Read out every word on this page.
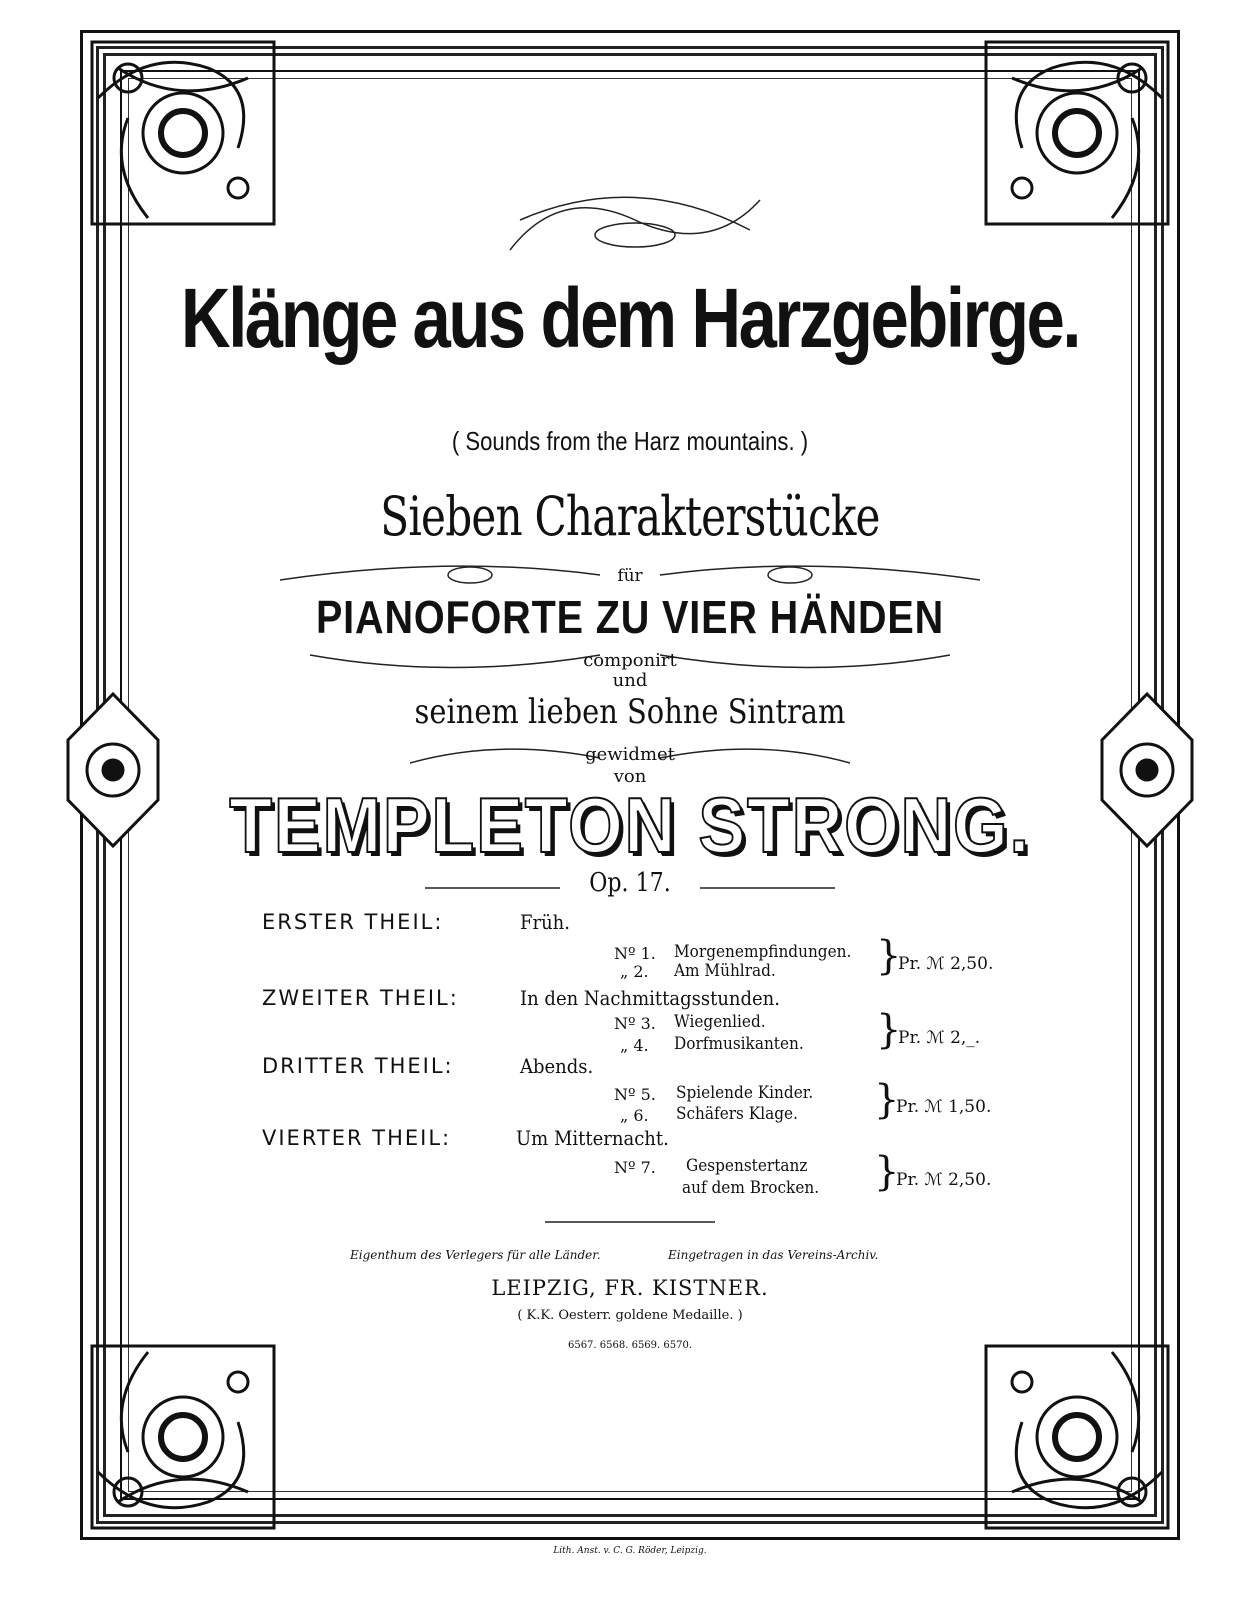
Klänge aus dem Harzgebirge.
( Sounds from the Harz mountains. )
Sieben Charakterstücke
für
PIANOFORTE ZU VIER HÄNDEN
componirt
und
seinem lieben Sohne Sintram
gewidmet
von
TEMPLETON STRONG.
Op. 17.
ERSTER THEIL:	Früh.
Nº 1. Morgenempfindungen.
„ 2. Am Mühlrad.	}
Pr. ℳ 2,50.
ZWEITER THEIL:	In den Nachmittagsstunden.
Nº 3. Wiegenlied.
„ 4. Dorfmusikanten. }
Pr. ℳ 2,_.
DRITTER THEIL:	Abends.
Nº 5. Spielende Kinder.
„ 6. Schäfers Klage. }
Pr. ℳ 1,50.
VIERTER THEIL:	Um Mitternacht.
Nº 7. Gespenstertanz
auf dem Brocken. }
Pr. ℳ 2,50.
Eigenthum des Verlegers für alle Länder.	Eingetragen in das Vereins-Archiv.
LEIPZIG, FR. KISTNER.
( K.K. Oesterr. goldene Medaille. )
6567. 6568. 6569. 6570.
Lith. Anst. v. C. G. Röder, Leipzig.
